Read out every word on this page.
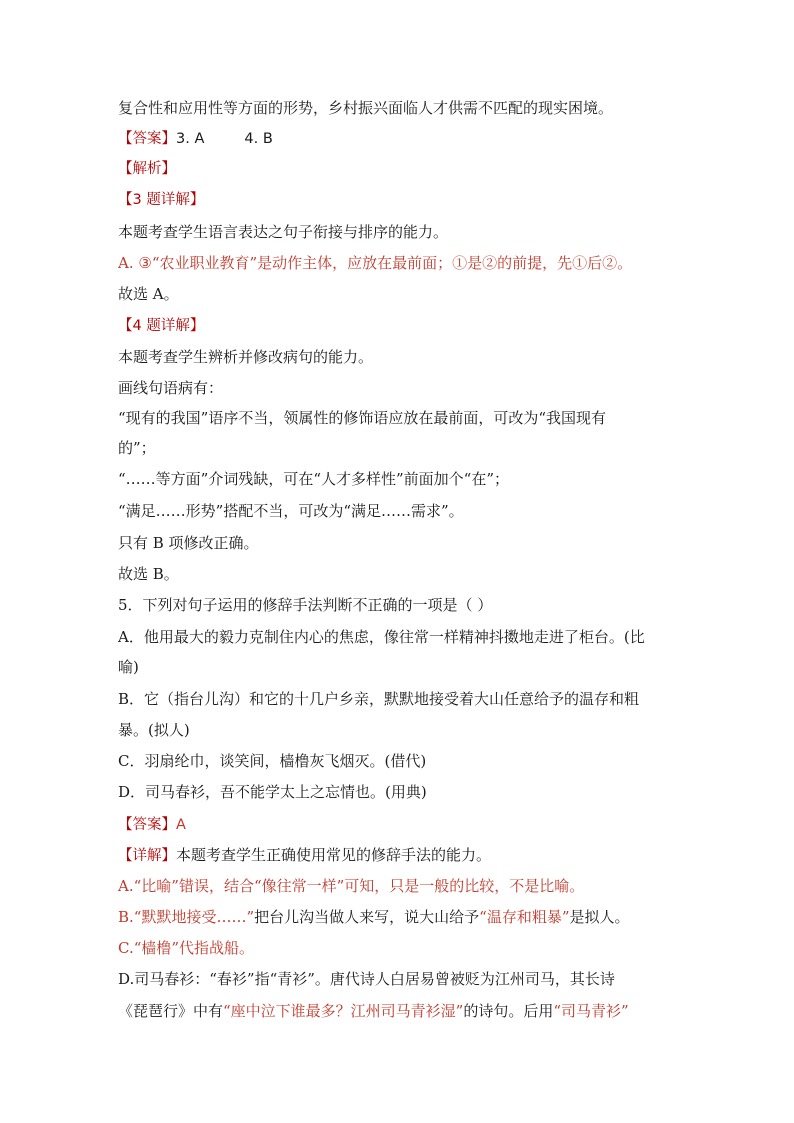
复合性和应用性等方面的形势，乡村振兴面临人才供需不匹配的现实困境。
【答案】3. A	4. B
【解析】
【3 题详解】
本题考查学生语言表达之句子衔接与排序的能力。
A. ③“农业职业教育”是动作主体，应放在最前面；①是②的前提，先①后②。
故选 A。
【4 题详解】
本题考查学生辨析并修改病句的能力。
画线句语病有：
“现有的我国”语序不当，领属性的修饰语应放在最前面，可改为“我国现有
的”；
“……等方面”介词残缺，可在“人才多样性”前面加个“在”；
“满足……形势”搭配不当，可改为“满足……需求”。
只有 B 项修改正确。
故选 B。
5．下列对句子运用的修辞手法判断不正确的一项是（ ）
A．他用最大的毅力克制住内心的焦虑，像往常一样精神抖擞地走进了柜台。(比
喻)
B．它（指台儿沟）和它的十几户乡亲，默默地接受着大山任意给予的温存和粗
暴。(拟人)
C．羽扇纶巾，谈笑间，樯橹灰飞烟灭。(借代)
D．司马春衫，吾不能学太上之忘情也。(用典)
【答案】A
【详解】本题考查学生正确使用常见的修辞手法的能力。
A.“比喻”错误，结合“像往常一样”可知，只是一般的比较，不是比喻。
B.“默默地接受……”把台儿沟当做人来写，说大山给予“温存和粗暴”是拟人。
C.“樯橹”代指战船。
D.司马春衫：“春衫”指“青衫”。唐代诗人白居易曾被贬为江州司马，其长诗
《琵琶行》中有“座中泣下谁最多？江州司马青衫湿”的诗句。后用“司马青衫”
